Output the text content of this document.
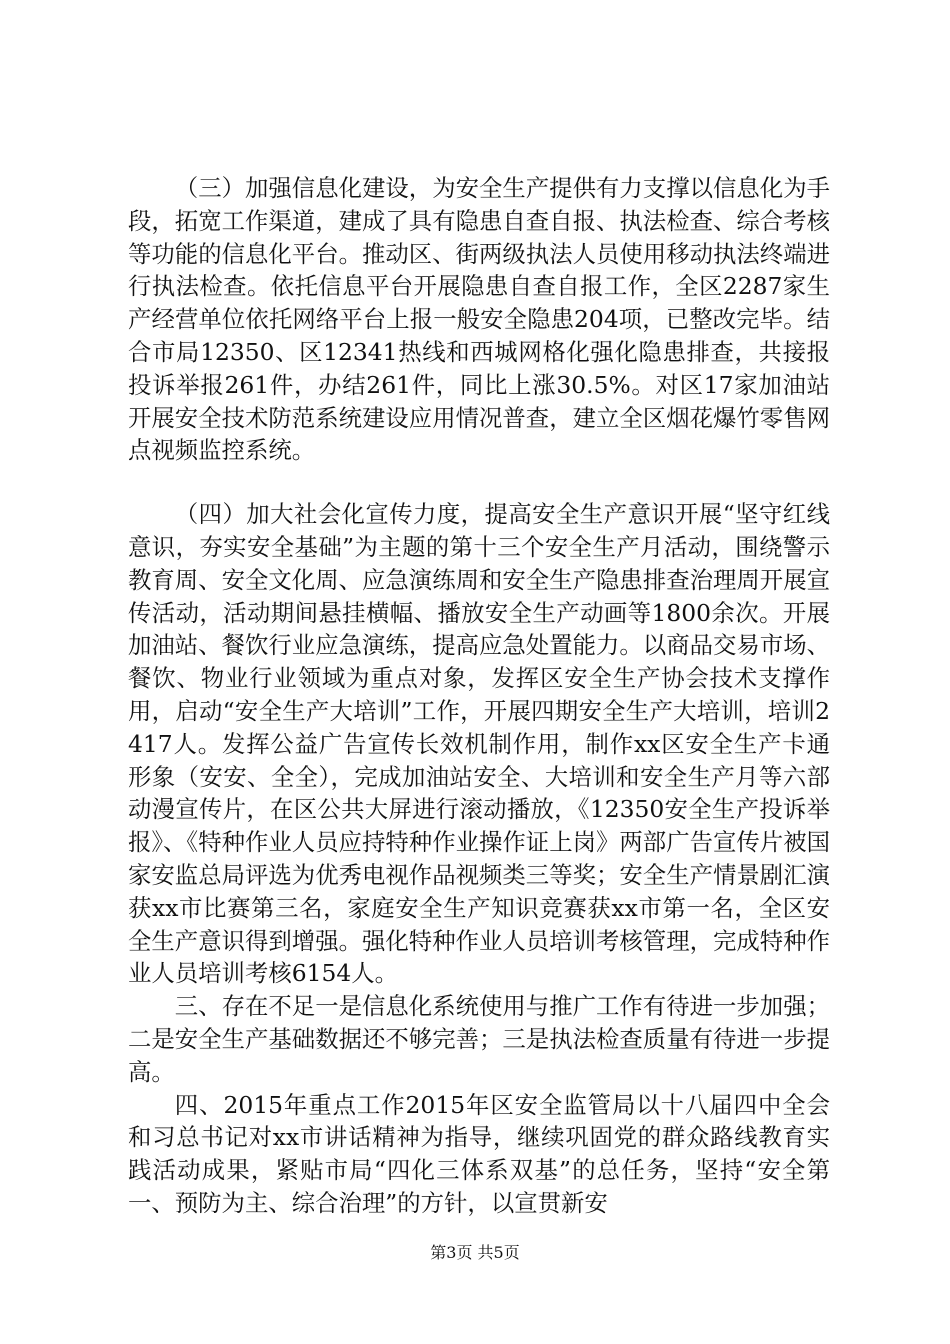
（三）加强信息化建设，为安全生产提供有力支撑以信息化为手段，拓宽工作渠道，建成了具有隐患自查自报、执法检查、综合考核等功能的信息化平台。推动区、街两级执法人员使用移动执法终端进行执法检查。依托信息平台开展隐患自查自报工作，全区2287家生产经营单位依托网络平台上报一般安全隐患204项，已整改完毕。结合市局12350、区12341热线和西城网格化强化隐患排查，共接报投诉举报261件，办结261件，同比上涨30.5%。对区17家加油站开展安全技术防范系统建设应用情况普查，建立全区烟花爆竹零售网点视频监控系统。

（四）加大社会化宣传力度，提高安全生产意识开展“坚守红线意识，夯实安全基础”为主题的第十三个安全生产月活动，围绕警示教育周、安全文化周、应急演练周和安全生产隐患排查治理周开展宣传活动，活动期间悬挂横幅、播放安全生产动画等1800余次。开展加油站、餐饮行业应急演练，提高应急处置能力。以商品交易市场、餐饮、物业行业领域为重点对象，发挥区安全生产协会技术支撑作用，启动“安全生产大培训”工作，开展四期安全生产大培训，培训2417人。发挥公益广告宣传长效机制作用，制作xx区安全生产卡通形象（安安、全全），完成加油站安全、大培训和安全生产月等六部动漫宣传片，在区公共大屏进行滚动播放，《12350安全生产投诉举报》、《特种作业人员应持特种作业操作证上岗》两部广告宣传片被国家安监总局评选为优秀电视作品视频类三等奖；安全生产情景剧汇演获xx市比赛第三名，家庭安全生产知识竞赛获xx市第一名，全区安全生产意识得到增强。强化特种作业人员培训考核管理，完成特种作业人员培训考核6154人。

三、存在不足一是信息化系统使用与推广工作有待进一步加强；二是安全生产基础数据还不够完善；三是执法检查质量有待进一步提高。

四、2015年重点工作2015年区安全监管局以十八届四中全会和习总书记对xx市讲话精神为指导，继续巩固党的群众路线教育实践活动成果，紧贴市局“四化三体系双基”的总任务，坚持“安全第一、预防为主、综合治理”的方针，以宣贯新安

第3页 共5页
